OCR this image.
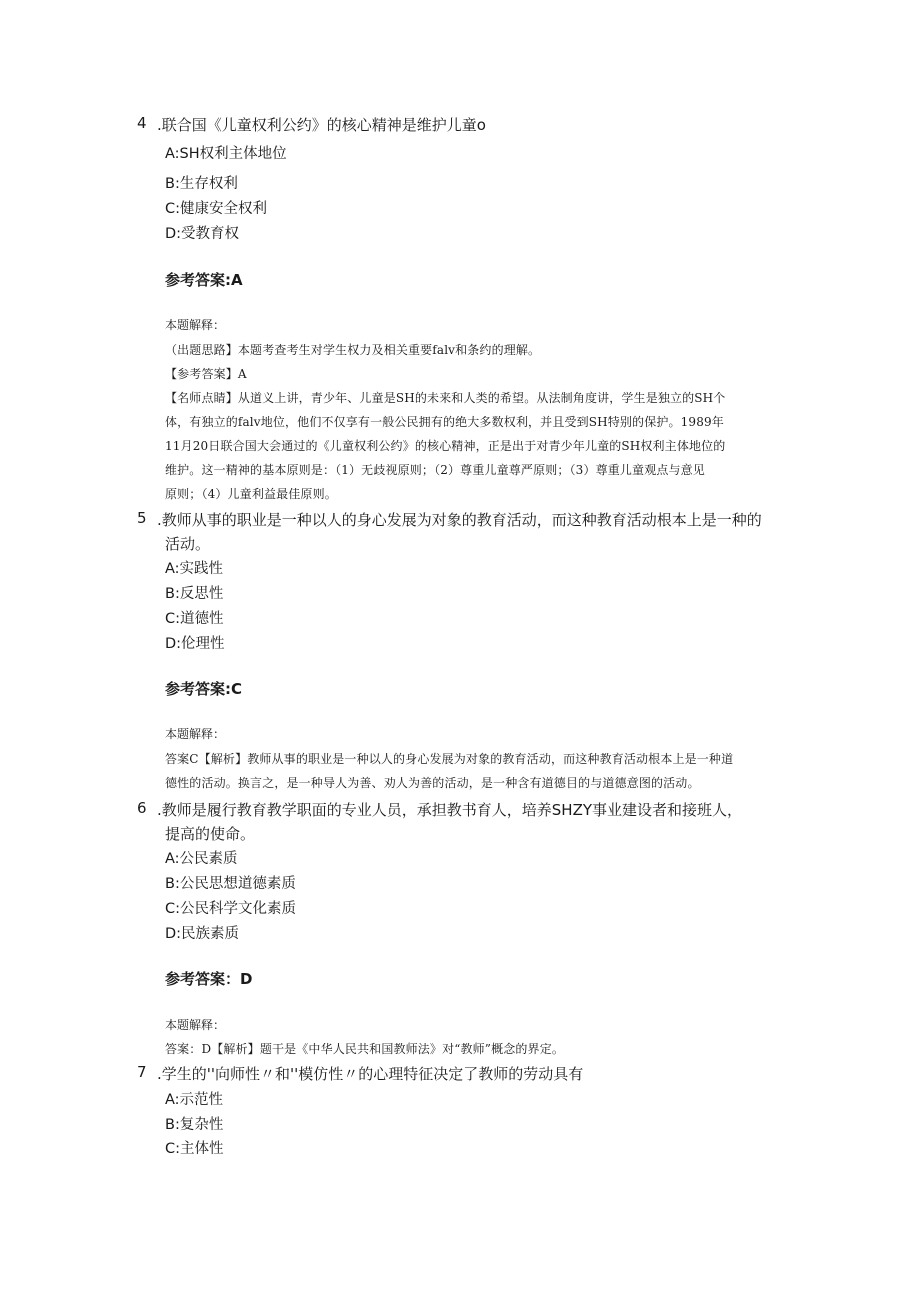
4 .联合国《儿童权利公约》的核心精神是维护儿童o
A:SH权利主体地位
B:生存权利
C:健康安全权利
D:受教育权
参考答案:A
本题解释：
（出题思路】本题考查考生对学生权力及相关重要falv和条约的理解。
【参考答案】A
【名师点睛】从道义上讲，青少年、儿童是SH的未来和人类的希望。从法制角度讲，学生是独立的SH个
体，有独立的falv地位，他们不仅享有一般公民拥有的绝大多数权利，并且受到SH特别的保护。1989年
11月20日联合国大会通过的《儿童权利公约》的核心精神，正是出于对青少年儿童的SH权利主体地位的
维护。这一精神的基本原则是：（1）无歧视原则；（2）尊重儿童尊严原则；（3）尊重儿童观点与意见
原则；（4）儿童利益最佳原则。
5 .教师从事的职业是一种以人的身心发展为对象的教育活动，而这种教育活动根本上是一种的
活动。
A:实践性
B:反思性
C:道德性
D:伦理性
参考答案:C
本题解释：
答案C【解析】教师从事的职业是一种以人的身心发展为对象的教育活动，而这种教育活动根本上是一种道
德性的活动。换言之，是一种导人为善、劝人为善的活动，是一种含有道德目的与道德意图的活动。
6 .教师是履行教育教学职面的专业人员，承担教书育人，培养SHZY事业建设者和接班人，
提高的使命。
A:公民素质
B:公民思想道德素质
C:公民科学文化素质
D:民族素质
参考答案：D
本题解释：
答案：D【解析】题干是《中华人民共和国教师法》对“教师”概念的界定。
7 .学生的''向师性〃和''模仿性〃的心理特征决定了教师的劳动具有
A:示范性
B:复杂性
C:主体性
